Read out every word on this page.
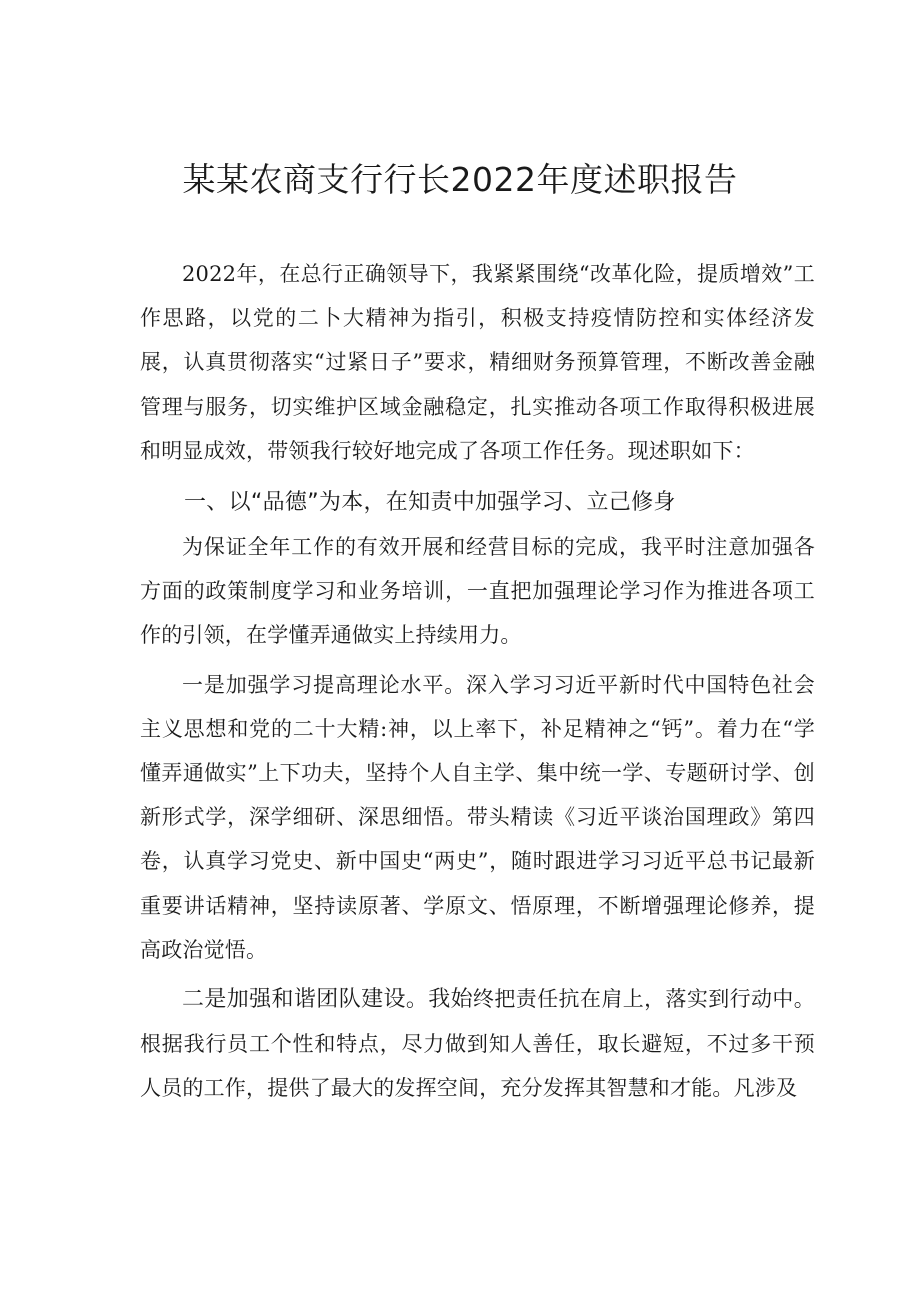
某某农商支行行长2022年度述职报告

2022年，在总行正确领导下，我紧紧围绕“改革化险，提质增效”工作思路，以党的二卜大精神为指引，积极支持疫情防控和实体经济发展，认真贯彻落实“过紧日子”要求，精细财务预算管理，不断改善金融管理与服务，切实维护区域金融稳定，扎实推动各项工作取得积极进展和明显成效，带领我行较好地完成了各项工作任务。现述职如下：

一、以“品德”为本，在知责中加强学习、立己修身

为保证全年工作的有效开展和经营目标的完成，我平时注意加强各方面的政策制度学习和业务培训，一直把加强理论学习作为推进各项工作的引领，在学懂弄通做实上持续用力。

一是加强学习提高理论水平。深入学习习近平新时代中国特色社会主义思想和党的二十大精:神，以上率下，补足精神之“钙”。着力在“学懂弄通做实”上下功夫，坚持个人自主学、集中统一学、专题研讨学、创新形式学，深学细研、深思细悟。带头精读《习近平谈治国理政》第四卷，认真学习党史、新中国史“两史”，随时跟进学习习近平总书记最新重要讲话精神，坚持读原著、学原文、悟原理，不断增强理论修养，提高政治觉悟。

二是加强和谐团队建设。我始终把责任抗在肩上，落实到行动中。根据我行员工个性和特点，尽力做到知人善任，取长避短，不过多干预人员的工作，提供了最大的发挥空间，充分发挥其智慧和才能。凡涉及
